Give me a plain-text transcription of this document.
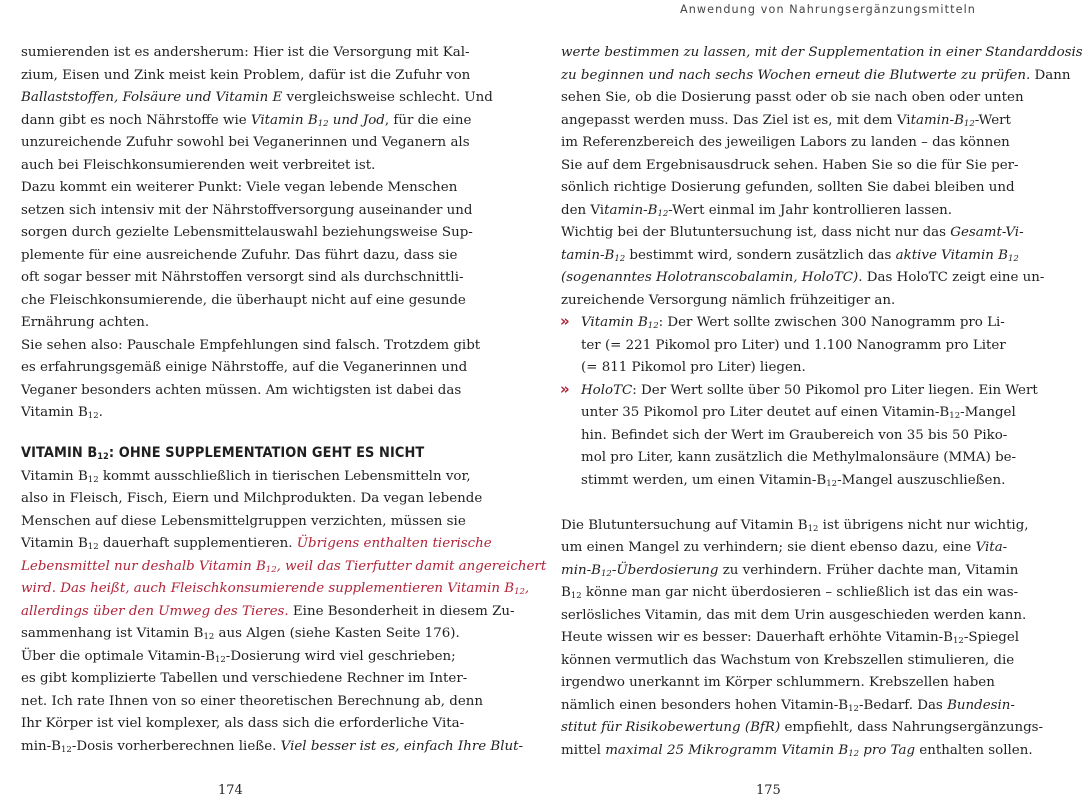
Anwendung von Nahrungsergänzungsmitteln
sumierenden ist es andersherum: Hier ist die Versorgung mit Kal-
zium, Eisen und Zink meist kein Problem, dafür ist die Zufuhr von
Ballaststoffen, Folsäure und Vitamin E vergleichsweise schlecht. Und
dann gibt es noch Nährstoffe wie Vitamin $B_{12}$ und Jod, für die eine
unzureichende Zufuhr sowohl bei Veganerinnen und Veganern als
auch bei Fleischkonsumierenden weit verbreitet ist.
Dazu kommt ein weiterer Punkt: Viele vegan lebende Menschen
setzen sich intensiv mit der Nährstoffversorgung auseinander und
sorgen durch gezielte Lebensmittelauswahl beziehungsweise Sup-
plemente für eine ausreichende Zufuhr. Das führt dazu, dass sie
oft sogar besser mit Nährstoffen versorgt sind als durchschnittli-
che Fleischkonsumierende, die überhaupt nicht auf eine gesunde
Ernährung achten.
Sie sehen also: Pauschale Empfehlungen sind falsch. Trotzdem gibt
es erfahrungsgemäß einige Nährstoffe, auf die Veganerinnen und
Veganer besonders achten müssen. Am wichtigsten ist dabei das
Vitamin $B_{12}$.
VITAMIN $B_{12}$: OHNE SUPPLEMENTATION GEHT ES NICHT
Vitamin $B_{12}$ kommt ausschließlich in tierischen Lebensmitteln vor,
also in Fleisch, Fisch, Eiern und Milchprodukten. Da vegan lebende
Menschen auf diese Lebensmittelgruppen verzichten, müssen sie
Vitamin $B_{12}$ dauerhaft supplementieren. Übrigens enthalten tierische
Lebensmittel nur deshalb Vitamin $B_{12}$, weil das Tierfutter damit angereichert
wird. Das heißt, auch Fleischkonsumierende supplementieren Vitamin $B_{12}$,
allerdings über den Umweg des Tieres. Eine Besonderheit in diesem Zu-
sammenhang ist Vitamin $B_{12}$ aus Algen (siehe Kasten Seite 176).
Über die optimale Vitamin-$B_{12}$-Dosierung wird viel geschrieben;
es gibt komplizierte Tabellen und verschiedene Rechner im Inter-
net. Ich rate Ihnen von so einer theoretischen Berechnung ab, denn
Ihr Körper ist viel komplexer, als dass sich die erforderliche Vita-
$\min-B_{12}$-Dosis vorherberechnen ließe. Viel besser ist es, einfach Ihre Blut-
174
werte bestimmen zu lassen, mit der Supplementation in einer Standarddosis
zu beginnen und nach sechs Wochen erneut die Blutwerte zu prüfen. Dann
sehen Sie, ob die Dosierung passt oder ob sie nach oben oder unten
angepasst werden muss. Das Ziel ist es, mit dem Vitamin-$B_{12}$-Wert
im Referenzbereich des jeweiligen Labors zu landen – das können
Sie auf dem Ergebnisausdruck sehen. Haben Sie so die für Sie per-
sönlich richtige Dosierung gefunden, sollten Sie dabei bleiben und
den Vitamin-$B_{12}$-Wert einmal im Jahr kontrollieren lassen.
Wichtig bei der Blutuntersuchung ist, dass nicht nur das Gesamt-Vi-
tamin-$B_{12}$ bestimmt wird, sondern zusätzlich das aktive Vitamin $B_{12}$
(sogenanntes Holotranscobalamin, HoloTC). Das HoloTC zeigt eine un-
zureichende Versorgung nämlich frühzeitiger an.
» Vitamin $B_{12}$: Der Wert sollte zwischen 300 Nanogramm pro Li-
ter (= 221 Pikomol pro Liter) und 1.100 Nanogramm pro Liter
(= 811 Pikomol pro Liter) liegen.
» HoloTC: Der Wert sollte über 50 Pikomol pro Liter liegen. Ein Wert
unter 35 Pikomol pro Liter deutet auf einen Vitamin-$B_{12}$-Mangel
hin. Befindet sich der Wert im Graubereich von 35 bis 50 Piko-
mol pro Liter, kann zusätzlich die Methylmalonsäure (MMA) be-
stimmt werden, um einen Vitamin-$B_{12}$-Mangel auszuschließen.
Die Blutuntersuchung auf Vitamin $B_{12}$ ist übrigens nicht nur wichtig,
um einen Mangel zu verhindern; sie dient ebenso dazu, eine Vita-
$\min-B_{12}$-Überdosierung zu verhindern. Früher dachte man, Vitamin
$B_{12}$ könne man gar nicht überdosieren – schließlich ist das ein was-
serlösliches Vitamin, das mit dem Urin ausgeschieden werden kann.
Heute wissen wir es besser: Dauerhaft erhöhte Vitamin-$B_{12}$-Spiegel
können vermutlich das Wachstum von Krebszellen stimulieren, die
irgendwo unerkannt im Körper schlummern. Krebszellen haben
nämlich einen besonders hohen Vitamin-$B_{12}$-Bedarf. Das Bundesin-
stitut für Risikobewertung (BfR) empfiehlt, dass Nahrungsergänzungs-
mittel maximal 25 Mikrogramm Vitamin $B_{12}$ pro Tag enthalten sollen.
175
